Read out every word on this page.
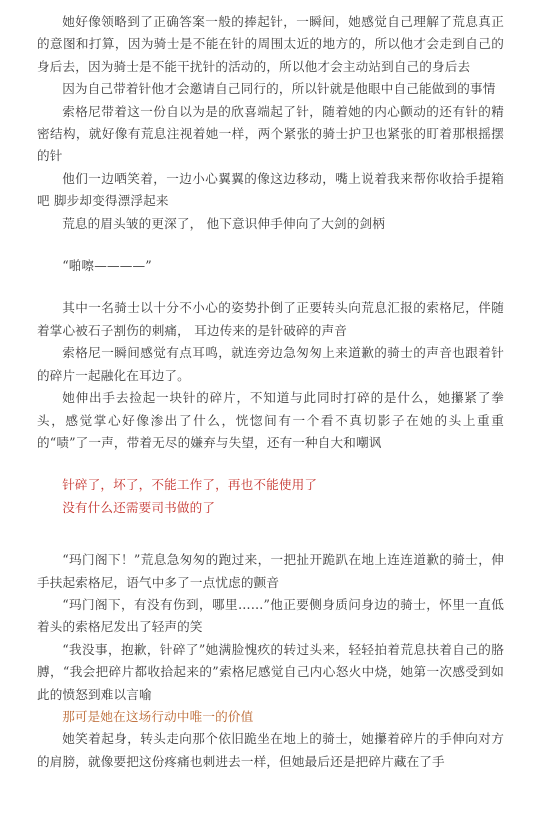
她好像领略到了正确答案一般的捧起针，一瞬间，她感觉自己理解了荒息真正的意图和打算，因为骑士是不能在针的周围太近的地方的，所以他才会走到自己的身后去，因为骑士是不能干扰针的活动的，所以他才会主动站到自己的身后去

因为自己带着针他才会邀请自己同行的，所以针就是他眼中自己能做到的事情

索格尼带着这一份自以为是的欣喜端起了针，随着她的内心颤动的还有针的精密结构，就好像有荒息注视着她一样，两个紧张的骑士护卫也紧张的盯着那根摇摆的针

他们一边哂笑着，一边小心翼翼的像这边移动，嘴上说着我来帮你收拾手提箱吧 脚步却变得漂浮起来

荒息的眉头皱的更深了， 他下意识伸手伸向了大剑的剑柄

“啪嚓————”

其中一名骑士以十分不小心的姿势扑倒了正要转头向荒息汇报的索格尼，伴随着掌心被石子割伤的刺痛， 耳边传来的是针破碎的声音

索格尼一瞬间感觉有点耳鸣，就连旁边急匆匆上来道歉的骑士的声音也跟着针的碎片一起融化在耳边了。

她伸出手去捡起一块针的碎片，不知道与此同时打碎的是什么，她攥紧了拳头，感觉掌心好像渗出了什么，恍惚间有一个看不真切影子在她的头上重重的“啧”了一声，带着无尽的嫌弃与失望，还有一种自大和嘲讽

针碎了，坏了，不能工作了，再也不能使用了

没有什么还需要司书做的了

“玛门阁下！”荒息急匆匆的跑过来，一把扯开跪趴在地上连连道歉的骑士，伸手扶起索格尼，语气中多了一点忧虑的颤音

“玛门阁下，有没有伤到，哪里……”他正要侧身质问身边的骑士，怀里一直低着头的索格尼发出了轻声的笑

“我没事，抱歉，针碎了”她满脸愧疚的转过头来，轻轻拍着荒息扶着自己的胳膊，“我会把碎片都收拾起来的”索格尼感觉自己内心怒火中烧，她第一次感受到如此的愤怒到难以言喻

那可是她在这场行动中唯一的价值

她笑着起身，转头走向那个依旧跪坐在地上的骑士，她攥着碎片的手伸向对方的肩膀，就像要把这份疼痛也刺进去一样，但她最后还是把碎片藏在了手
